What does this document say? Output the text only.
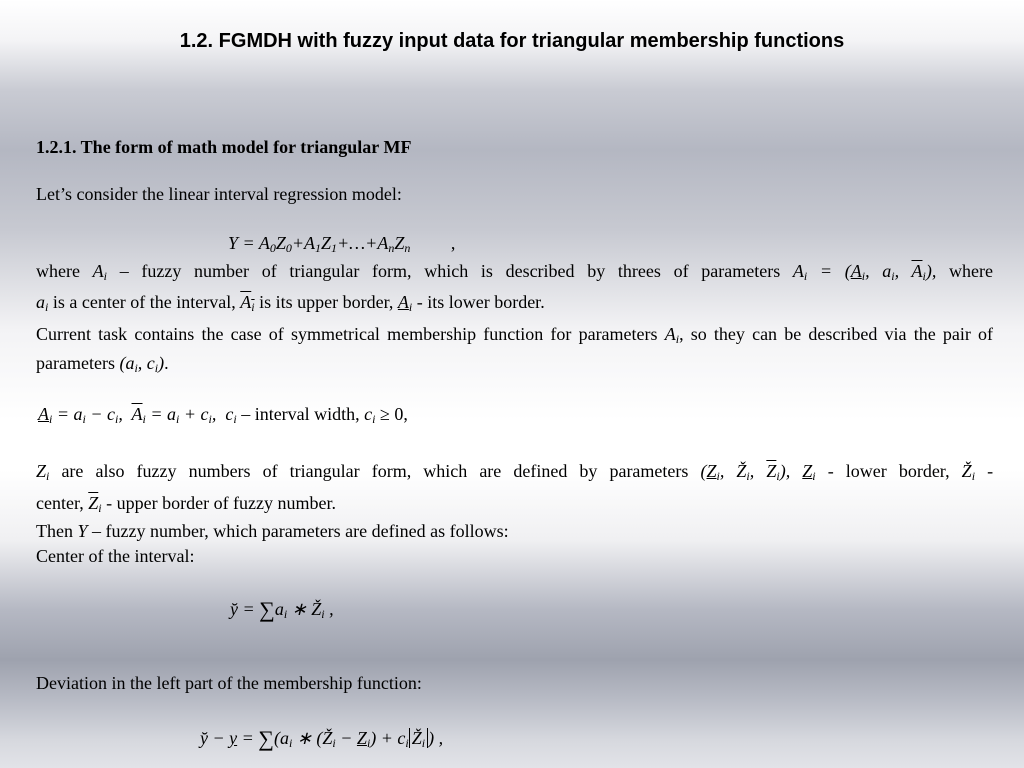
1.2. FGMDH with fuzzy input data for triangular membership functions
1.2.1. The form of math model for triangular MF
Let’s consider the linear interval regression model:
$Y = A_0Z_0+A_1Z_1+\dots+A_nZ_n$ ,
where $A_i$ – fuzzy number of triangular form, which is described by threes of parameters $A_i = (A_i$, $a_i$, $\overline{A}_i$), where
$a_i$ is a center of the interval, $A_i$ is its upper border, $A_i$ - its lower border.
Current task contains the case of symmetrical membership function for parameters $A_i$, so they can be described via the pair of parameters ($a_i$, $c_i$).
$A_i = a_i - c_i$,  $\overline{A}_i = a_i + c_i$,  $c_i$ – interval width, $c_i \ge 0$,
$Z_i$ are also fuzzy numbers of triangular form, which are defined by parameters ($Z_i$, $Ž_i$, $\overline{Z}_i$), $Z_i$ - lower border, $Ž_i$ -
center, $\overline{Z}_i$ - upper border of fuzzy number.
Then Y – fuzzy number, which parameters are defined as follows:
Center of the interval:
y̆ = $\sum a_i$ ∗ $Ž_i$ ,
Deviation in the left part of the membership function:
y̆ − $y = \sum(a_i$ ∗ $(Ž_i - Z_i) + c_i$ $Ž_i$ ) ,
